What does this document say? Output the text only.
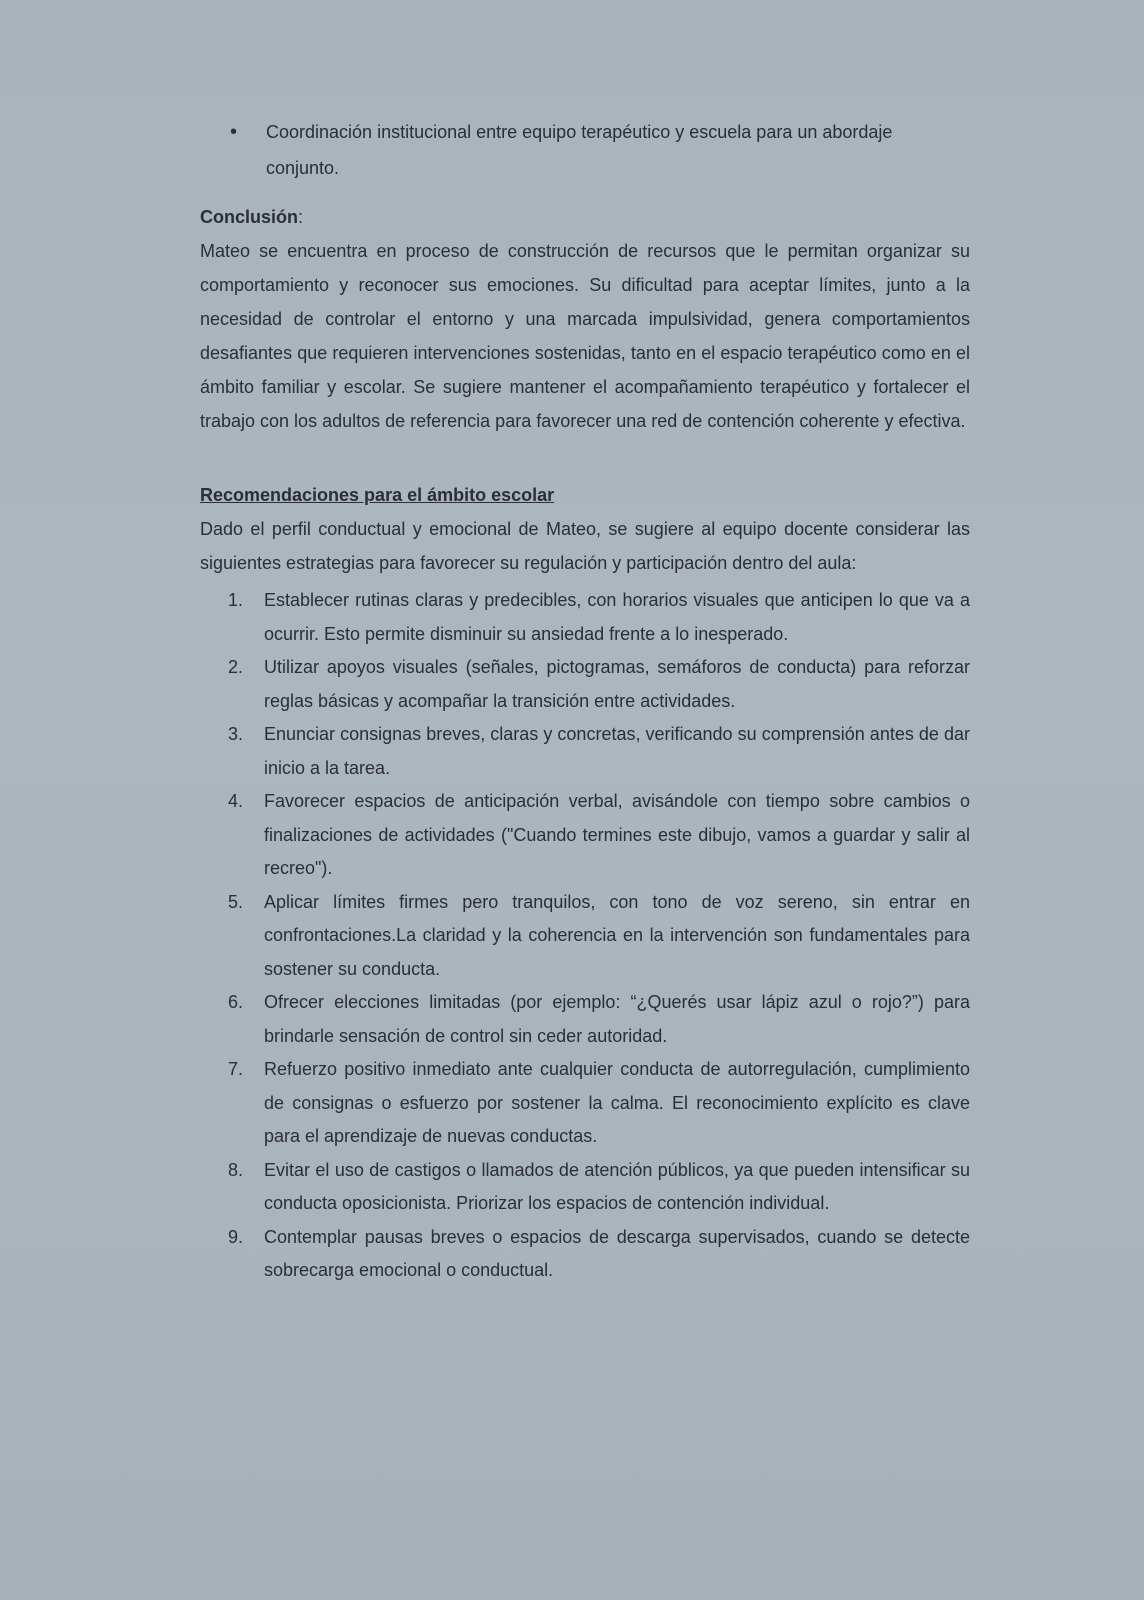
• Coordinación institucional entre equipo terapéutico y escuela para un abordaje conjunto.
Conclusión:
Mateo se encuentra en proceso de construcción de recursos que le permitan organizar su comportamiento y reconocer sus emociones. Su dificultad para aceptar límites, junto a la necesidad de controlar el entorno y una marcada impulsividad, genera comportamientos desafiantes que requieren intervenciones sostenidas, tanto en el espacio terapéutico como en el ámbito familiar y escolar. Se sugiere mantener el acompañamiento terapéutico y fortalecer el trabajo con los adultos de referencia para favorecer una red de contención coherente y efectiva.
Recomendaciones para el ámbito escolar
Dado el perfil conductual y emocional de Mateo, se sugiere al equipo docente considerar las siguientes estrategias para favorecer su regulación y participación dentro del aula:
1. Establecer rutinas claras y predecibles, con horarios visuales que anticipen lo que va a ocurrir. Esto permite disminuir su ansiedad frente a lo inesperado.
2. Utilizar apoyos visuales (señales, pictogramas, semáforos de conducta) para reforzar reglas básicas y acompañar la transición entre actividades.
3. Enunciar consignas breves, claras y concretas, verificando su comprensión antes de dar inicio a la tarea.
4. Favorecer espacios de anticipación verbal, avisándole con tiempo sobre cambios o finalizaciones de actividades ("Cuando termines este dibujo, vamos a guardar y salir al recreo").
5. Aplicar límites firmes pero tranquilos, con tono de voz sereno, sin entrar en confrontaciones.La claridad y la coherencia en la intervención son fundamentales para sostener su conducta.
6. Ofrecer elecciones limitadas (por ejemplo: “¿Querés usar lápiz azul o rojo?”) para brindarle sensación de control sin ceder autoridad.
7. Refuerzo positivo inmediato ante cualquier conducta de autorregulación, cumplimiento de consignas o esfuerzo por sostener la calma. El reconocimiento explícito es clave para el aprendizaje de nuevas conductas.
8. Evitar el uso de castigos o llamados de atención públicos, ya que pueden intensificar su conducta oposicionista. Priorizar los espacios de contención individual.
9. Contemplar pausas breves o espacios de descarga supervisados, cuando se detecte sobrecarga emocional o conductual.
